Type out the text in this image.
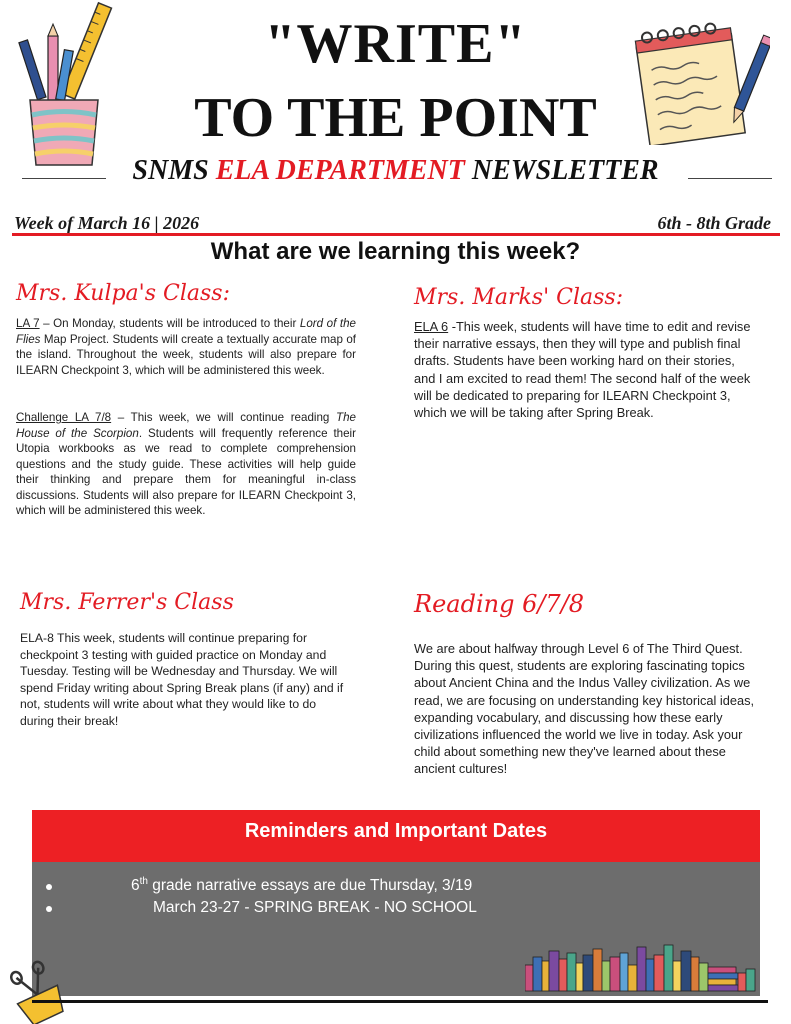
"WRITE"
TO THE POINT
SNMS ELA DEPARTMENT NEWSLETTER
Week of March 16 | 2026	6th - 8th Grade
What are we learning this week?
Mrs. Kulpa's Class:
LA 7 – On Monday, students will be introduced to their Lord of the Flies Map Project. Students will create a textually accurate map of the island. Throughout the week, students will also prepare for ILEARN Checkpoint 3, which will be administered this week.
Challenge LA 7/8 – This week, we will continue reading The House of the Scorpion. Students will frequently reference their Utopia workbooks as we read to complete comprehension questions and the study guide. These activities will help guide their thinking and prepare them for meaningful in-class discussions. Students will also prepare for ILEARN Checkpoint 3, which will be administered this week.
Mrs. Marks' Class:
ELA 6 -This week, students will have time to edit and revise their narrative essays, then they will type and publish final drafts. Students have been working hard on their stories, and I am excited to read them! The second half of the week will be dedicated to preparing for ILEARN Checkpoint 3, which we will be taking after Spring Break.
Mrs. Ferrer's Class
ELA-8 This week, students will continue preparing for checkpoint 3 testing with guided practice on Monday and Tuesday. Testing will be Wednesday and Thursday. We will spend Friday writing about Spring Break plans (if any) and if not, students will write about what they would like to do during their break!
Reading 6/7/8
We are about halfway through Level 6 of The Third Quest. During this quest, students are exploring fascinating topics about Ancient China and the Indus Valley civilization. As we read, we are focusing on understanding key historical ideas, expanding vocabulary, and discussing how these early civilizations influenced the world we live in today. Ask your child about something new they've learned about these ancient cultures!
Reminders and Important Dates
6th grade narrative essays are due Thursday, 3/19
March 23-27 - SPRING BREAK - NO SCHOOL
